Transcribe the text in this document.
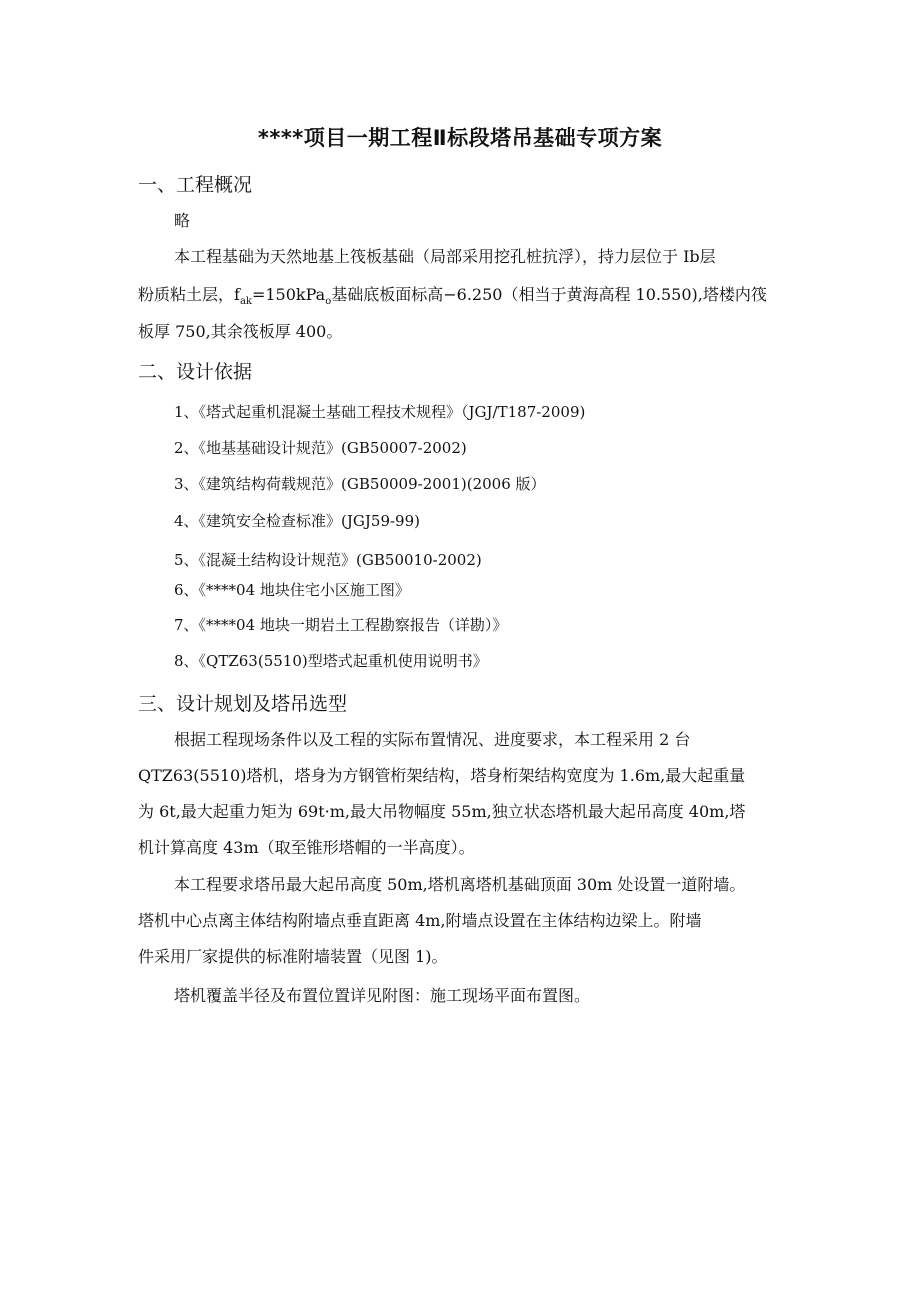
****项目一期工程Ⅱ标段塔吊基础专项方案
一、工程概况
略
本工程基础为天然地基上筏板基础（局部采用挖孔桩抗浮），持力层位于 Ib层
粉质粘土层，$f_{ak}=150kPa_o$基础底板面标高−6.250（相当于黄海高程 10.550),塔楼内筏
板厚 750,其余筏板厚 400。
二、设计依据
1、《塔式起重机混凝土基础工程技术规程》（JGJ/T187-2009)
2、《地基基础设计规范》(GB50007-2002)
3、《建筑结构荷载规范》(GB50009-2001)(2006 版）
4、《建筑安全检查标准》(JGJ59-99)
5、《混凝土结构设计规范》(GB50010-2002)
6、《****04 地块住宅小区施工图》
7、《****04 地块一期岩土工程勘察报告（详勘）》
8、《QTZ63(5510)型塔式起重机使用说明书》
三、设计规划及塔吊选型
根据工程现场条件以及工程的实际布置情况、进度要求，本工程采用 2 台
QTZ63(5510)塔机，塔身为方钢管桁架结构，塔身桁架结构宽度为 1.6m,最大起重量
为 6t,最大起重力矩为 69t·m,最大吊物幅度 55m,独立状态塔机最大起吊高度 40m,塔
机计算高度 43m（取至锥形塔帽的一半高度）。
本工程要求塔吊最大起吊高度 50m,塔机离塔机基础顶面 30m 处设置一道附墙。
塔机中心点离主体结构附墙点垂直距离 4m,附墙点设置在主体结构边梁上。附墙
件采用厂家提供的标准附墙装置（见图 1)。
塔机覆盖半径及布置位置详见附图：施工现场平面布置图。
